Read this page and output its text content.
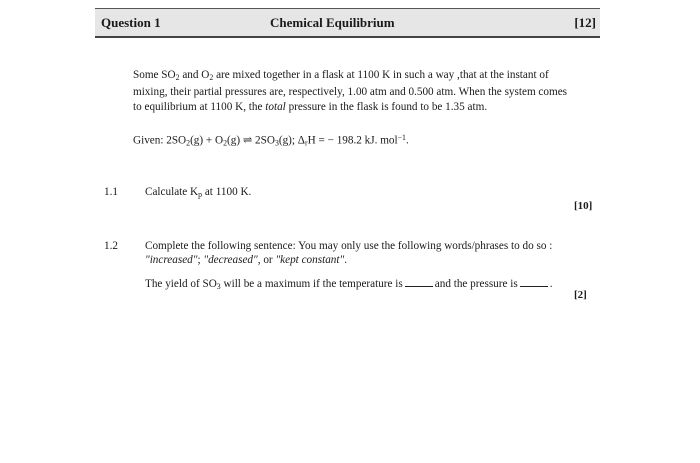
Question 1	Chemical Equilibrium	[12]
Some $SO_2$ and $O_2$ are mixed together in a flask at 1100 K in such a way ,that at the instant of mixing, their partial pressures are, respectively, 1.00 atm and 0.500 atm. When the system comes to equilibrium at 1100 K, the total pressure in the flask is found to be 1.35 atm.
Given: $2SO_2(g) + O_2(g)$ ⇌ $2SO_3(g)$; $\Delta_rH$ = − 198.2 kJ. mol$^{-1}$.
1.1 Calculate $K_p$ at 1100 K.
[10]
1.2 Complete the following sentence: You may only use the following words/phrases to do so : "increased"; "decreased", or "kept constant".
The yield of $SO_3$ will be a maximum if the temperature is	and the pressure is	.
[2]
